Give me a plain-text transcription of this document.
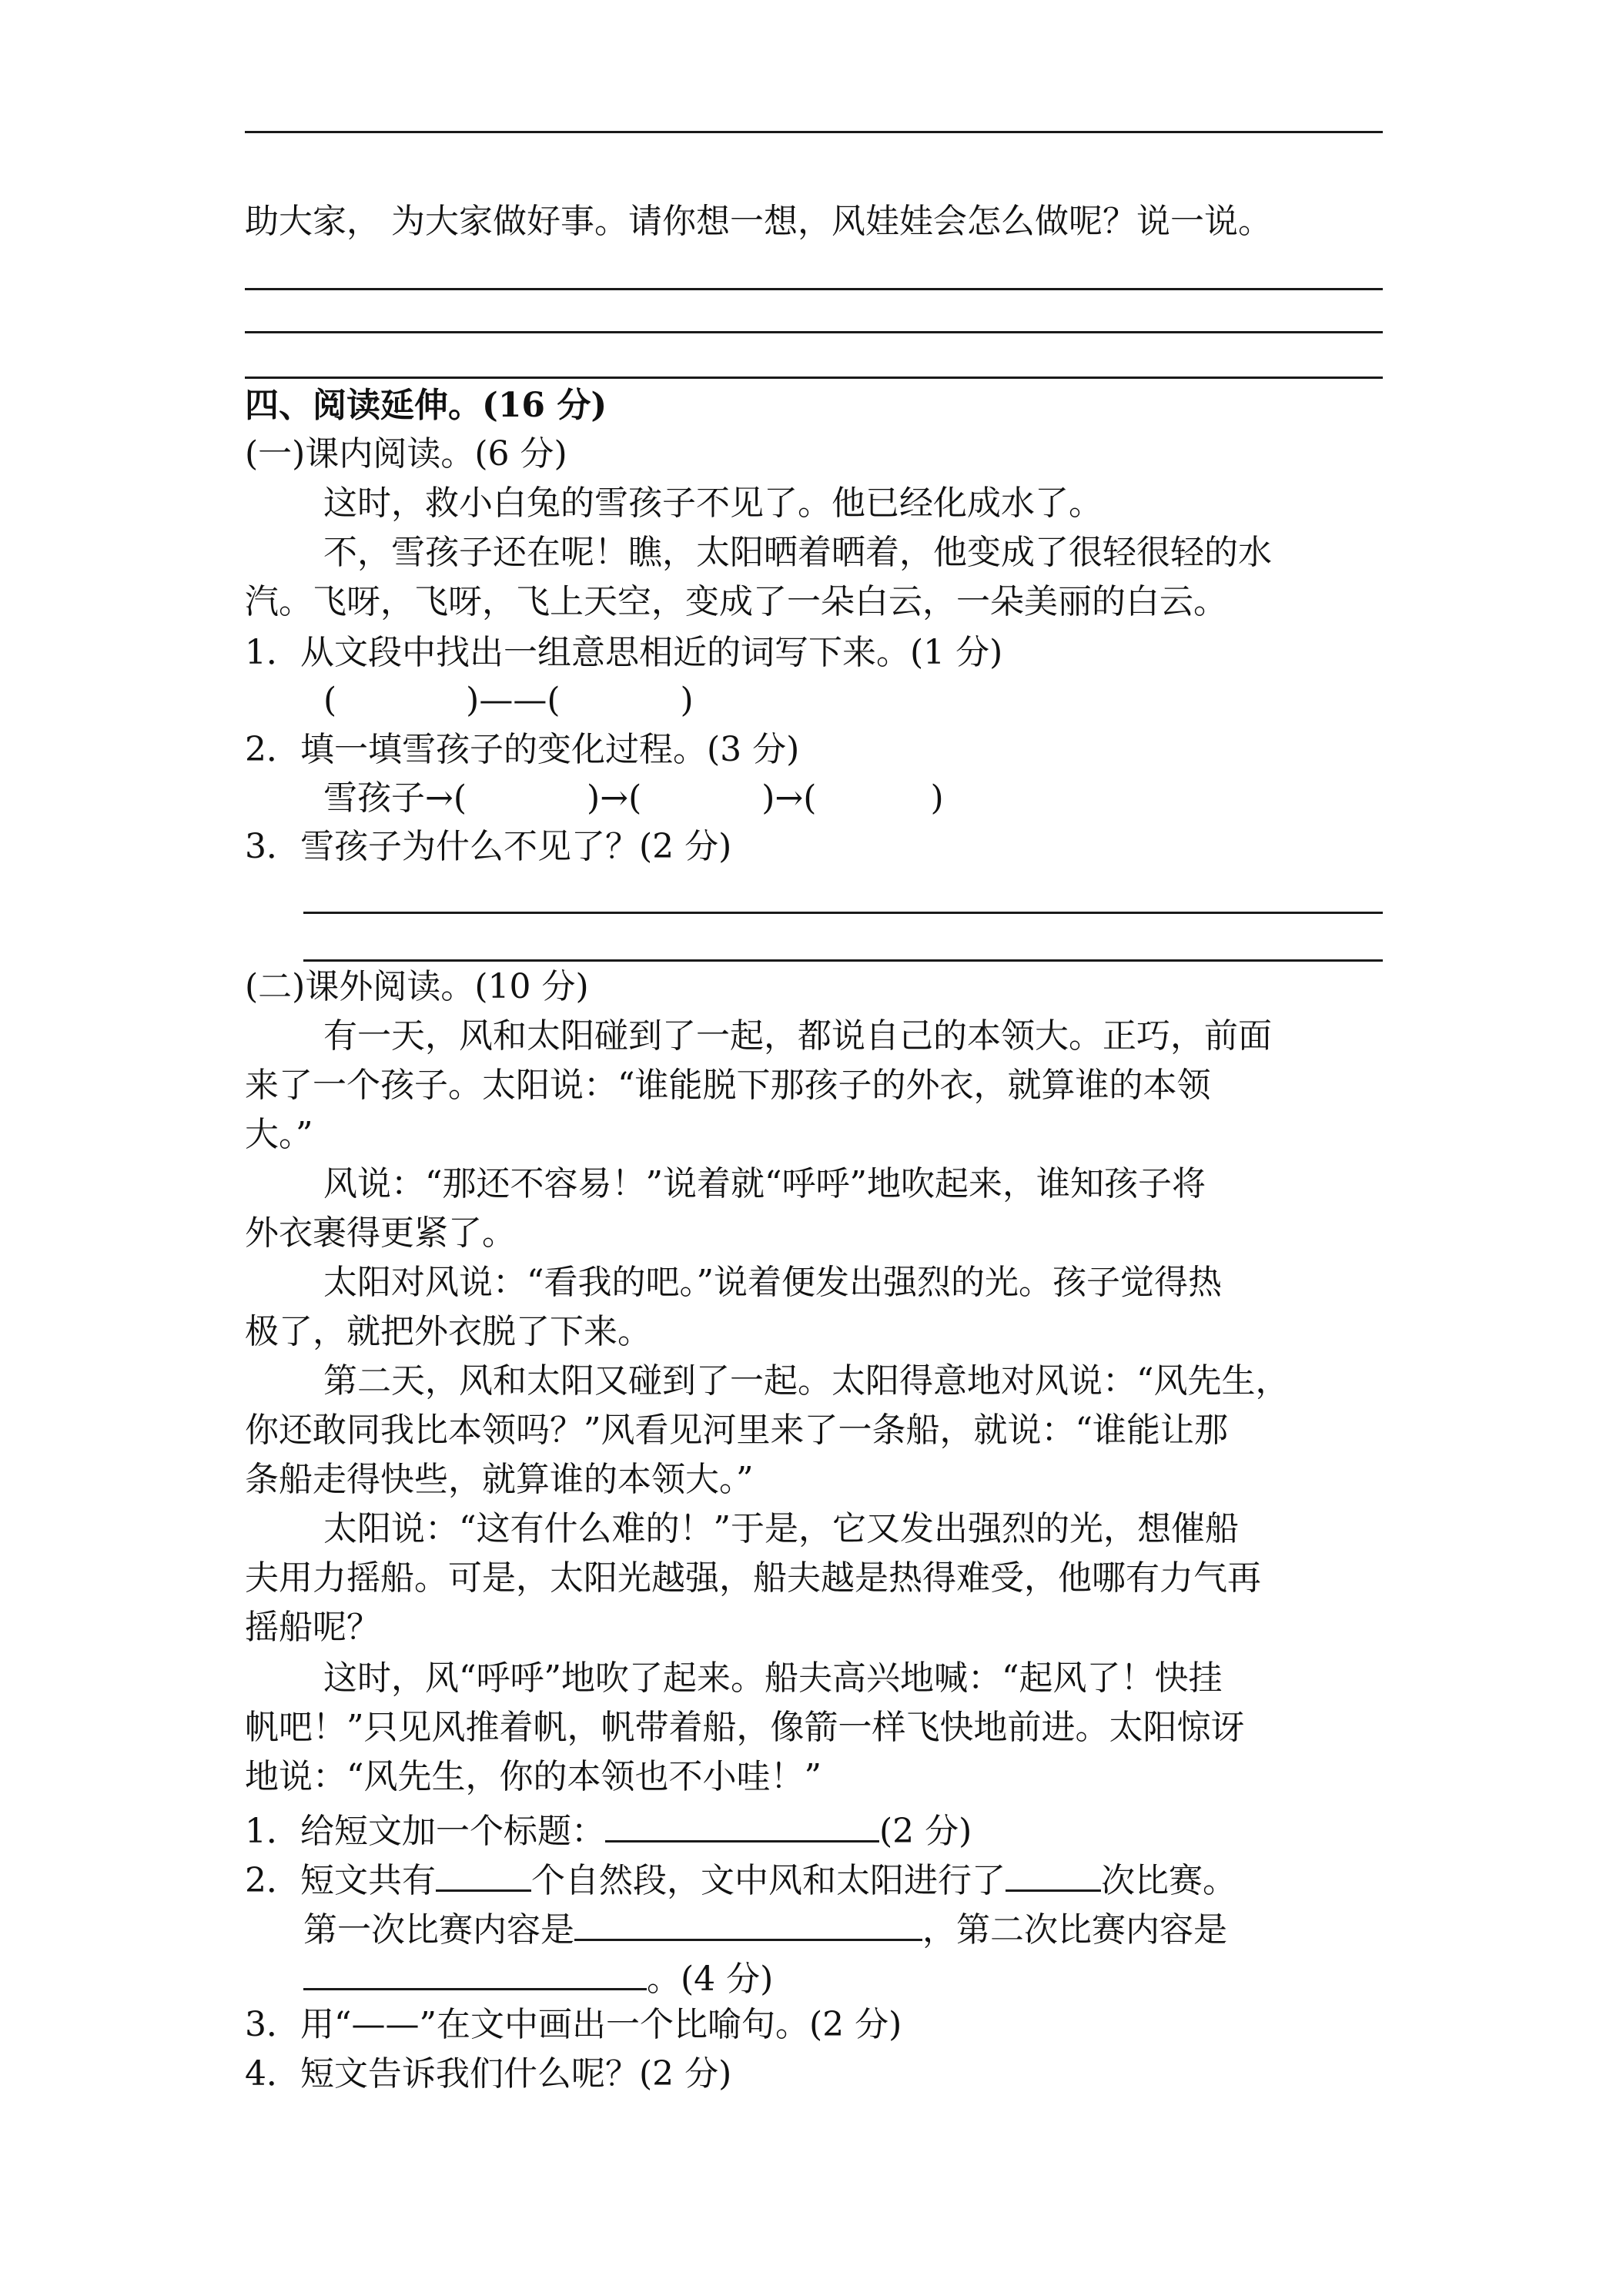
助大家， 为大家做好事。请你想一想，风娃娃会怎么做呢？说一说。
四、阅读延伸。(16 分)
(一)课内阅读。(6 分)
这时，救小白兔的雪孩子不见了。他已经化成水了。
不，雪孩子还在呢！瞧，太阳晒着晒着，他变成了很轻很轻的水
汽。飞呀，飞呀，飞上天空，变成了一朵白云，一朵美丽的白云。
1．从文段中找出一组意思相近的词写下来。(1 分)
(	)——(	)
2．填一填雪孩子的变化过程。(3 分)
雪孩子→(	)→(	)→(	)
3．雪孩子为什么不见了？(2 分)
(二)课外阅读。(10 分)
有一天，风和太阳碰到了一起，都说自己的本领大。正巧，前面
来了一个孩子。太阳说：“谁能脱下那孩子的外衣，就算谁的本领
大。”
风说：“那还不容易！”说着就“呼呼”地吹起来，谁知孩子将
外衣裹得更紧了。
太阳对风说：“看我的吧。”说着便发出强烈的光。孩子觉得热
极了，就把外衣脱了下来。
第二天，风和太阳又碰到了一起。太阳得意地对风说：“风先生，
你还敢同我比本领吗？”风看见河里来了一条船，就说：“谁能让那
条船走得快些，就算谁的本领大。”
太阳说：“这有什么难的！”于是，它又发出强烈的光，想催船
夫用力摇船。可是，太阳光越强，船夫越是热得难受，他哪有力气再
摇船呢？
这时，风“呼呼”地吹了起来。船夫高兴地喊：“起风了！快挂
帆吧！”只见风推着帆，帆带着船，像箭一样飞快地前进。太阳惊讶
地说：“风先生，你的本领也不小哇！”
1．给短文加一个标题：	(2 分)
2．短文共有	个自然段，文中风和太阳进行了	次比赛。
第一次比赛内容是	，第二次比赛内容是
。(4 分)
3．用“——”在文中画出一个比喻句。(2 分)
4．短文告诉我们什么呢？(2 分)
